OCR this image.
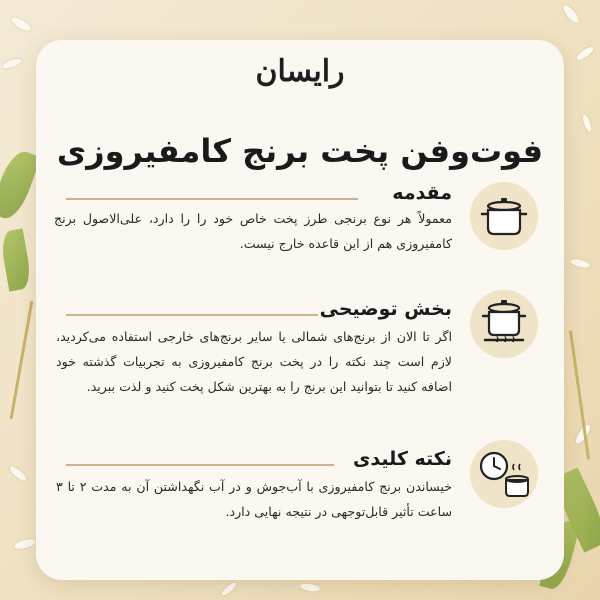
رایسان
فوت‌وفن پخت برنج کامفیروزی
مقدمه
معمولاً هر نوع برنجی طرز پخت خاص خود را را دارد، علی‌الاصول برنج کامفیروزی هم از این قاعده خارج نیست.
بخش توضیحی
اگر تا الان از برنج‌های شمالی یا سایر برنج‌های خارجی استفاده می‌کردید، لازم است چند نکته را در پخت برنج کامفیروزی به تجربیات گذشته خود اضافه کنید تا بتوانید این برنج را به بهترین شکل پخت کنید و لذت ببرید.
نکته کلیدی
خیساندن برنج کامفیروزی با آب‌جوش و در آب نگهداشتن آن به مدت ۲ تا ۳ ساعت تأثیر قابل‌توجهی در نتیجه نهایی دارد.
